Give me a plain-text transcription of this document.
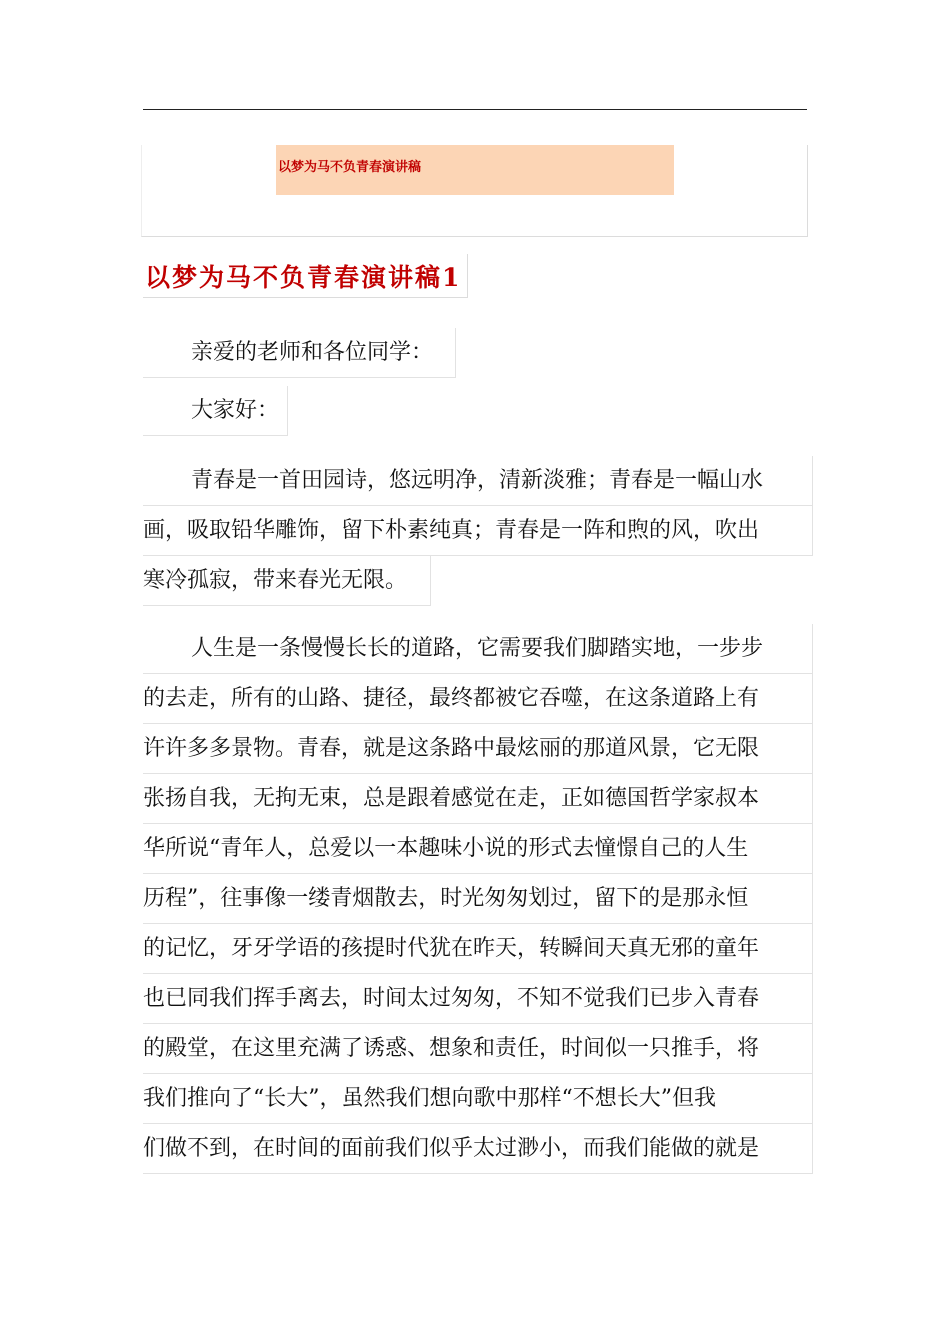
以梦为马不负青春演讲稿
以梦为马不负青春演讲稿1
亲爱的老师和各位同学：
大家好：
青春是一首田园诗，悠远明净，清新淡雅；青春是一幅山水
画，吸取铅华雕饰，留下朴素纯真；青春是一阵和煦的风，吹出
寒冷孤寂，带来春光无限。
人生是一条慢慢长长的道路，它需要我们脚踏实地，一步步
的去走，所有的山路、捷径，最终都被它吞噬，在这条道路上有
许许多多景物。青春，就是这条路中最炫丽的那道风景，它无限
张扬自我，无拘无束，总是跟着感觉在走，正如德国哲学家叔本
华所说“青年人，总爱以一本趣味小说的形式去憧憬自己的人生
历程”，往事像一缕青烟散去，时光匆匆划过，留下的是那永恒
的记忆，牙牙学语的孩提时代犹在昨天，转瞬间天真无邪的童年
也已同我们挥手离去，时间太过匆匆，不知不觉我们已步入青春
的殿堂，在这里充满了诱惑、想象和责任，时间似一只推手，将
我们推向了“长大”，虽然我们想向歌中那样“不想长大”但我
们做不到，在时间的面前我们似乎太过渺小，而我们能做的就是
